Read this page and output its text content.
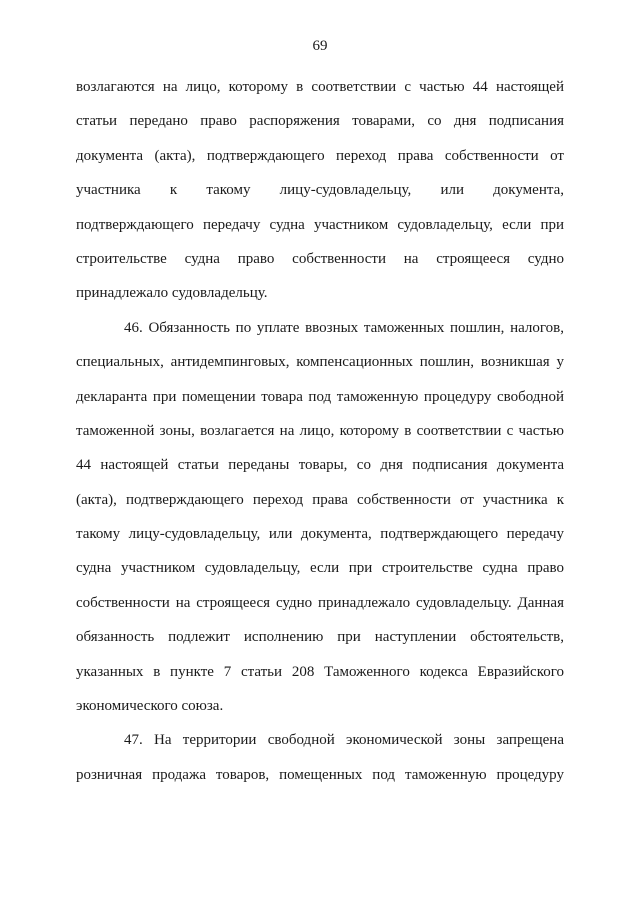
69
возлагаются на лицо, которому в соответствии с частью 44 настоящей
статьи передано право распоряжения товарами, со дня подписания
документа (акта), подтверждающего переход права собственности от
участника к такому лицу-судовладельцу, или документа,
подтверждающего передачу судна участником судовладельцу, если при
строительстве судна право собственности на строящееся судно
принадлежало судовладельцу.
46. Обязанность по уплате ввозных таможенных пошлин, налогов,
специальных, антидемпинговых, компенсационных пошлин, возникшая у
декларанта при помещении товара под таможенную процедуру свободной
таможенной зоны, возлагается на лицо, которому в соответствии с частью
44 настоящей статьи переданы товары, со дня подписания документа
(акта), подтверждающего переход права собственности от участника к
такому лицу-судовладельцу, или документа, подтверждающего передачу
судна участником судовладельцу, если при строительстве судна право
собственности на строящееся судно принадлежало судовладельцу. Данная
обязанность подлежит исполнению при наступлении обстоятельств,
указанных в пункте 7 статьи 208 Таможенного кодекса Евразийского
экономического союза.
47. На территории свободной экономической зоны запрещена
розничная продажа товаров, помещенных под таможенную процедуру
